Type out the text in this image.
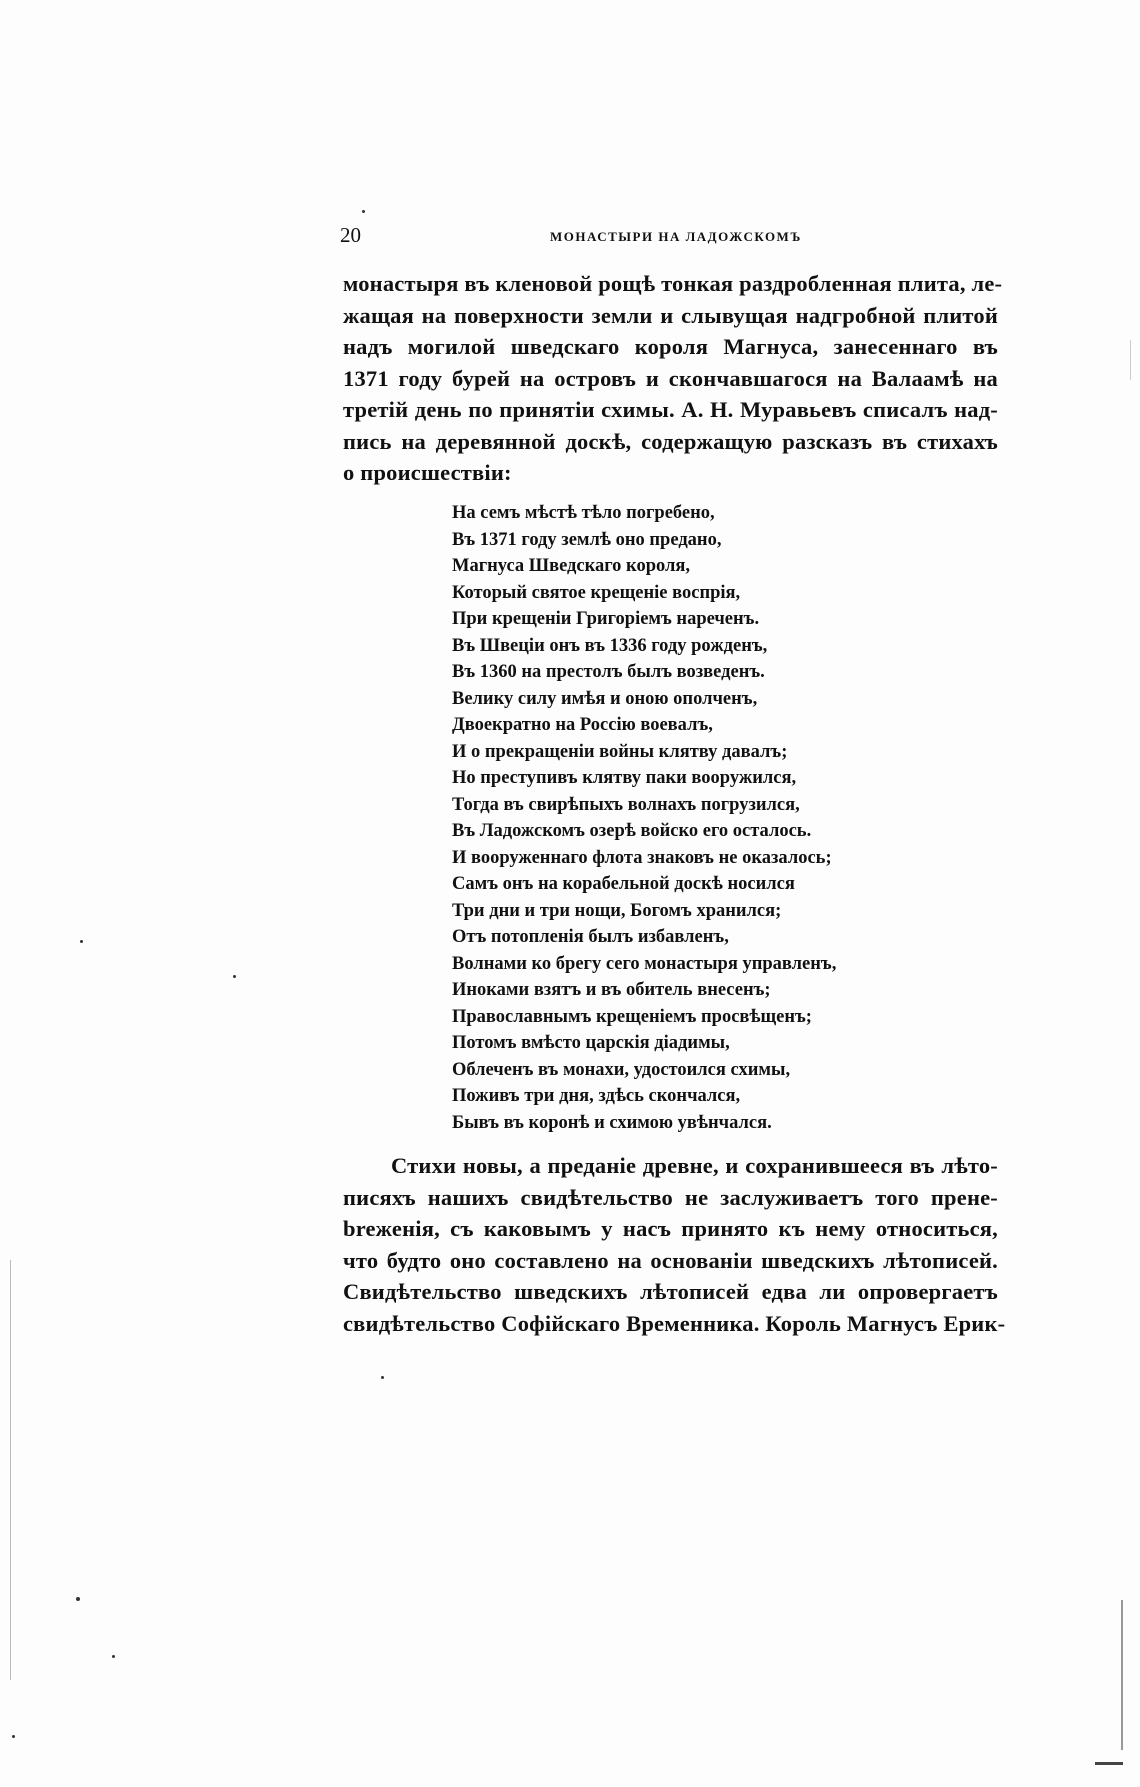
20	МОНАСТЫРИ НА ЛАДОЖСКОМЪ
монастыря въ кленовой рощѣ тонкая раздробленная плита, ле-
жащая на поверхности земли и слывущая надгробной плитой
надъ могилой шведскаго короля Магнуса, занесеннаго въ
1371 году бурей на островъ и скончавшагося на Валаамѣ на
третій день по принятіи схимы. А. Н. Муравьевъ списалъ над-
пись на деревянной доскѣ, содержащую разсказъ въ стихахъ
о происшествіи:
На семъ мѣстѣ тѣло погребено,
Въ 1371 году землѣ оно предано,
Магнуса Шведскаго короля,
Который святое крещеніе воспрія,
При крещеніи Григоріемъ нареченъ.
Въ Швеціи онъ въ 1336 году рожденъ,
Въ 1360 на престолъ былъ возведенъ.
Велику силу имѣя и оною ополченъ,
Двоекратно на Россію воевалъ,
И о прекращеніи войны клятву давалъ;
Но преступивъ клятву паки вооружился,
Тогда въ свирѣпыхъ волнахъ погрузился,
Въ Ладожскомъ озерѣ войско его осталось.
И вооруженнаго флота знаковъ не оказалось;
Самъ онъ на корабельной доскѣ носился
Три дни и три нощи, Богомъ хранился;
Отъ потопленія былъ избавленъ,
Волнами ко брегу сего монастыря управленъ,
Иноками взятъ и въ обитель внесенъ;
Православнымъ крещеніемъ просвѣщенъ;
Потомъ вмѣсто царскія діадимы,
Облеченъ въ монахи, удостоился схимы,
Поживъ три дня, здѣсь скончался,
Бывъ въ коронѣ и схимою увѣнчался.
Стихи новы, а преданіе древне, и сохранившееся въ лѣто-
писяхъ нашихъ свидѣтельство не заслуживаетъ того прене-
breженія, съ каковымъ у насъ принято къ нему относиться,
что будто оно составлено на основаніи шведскихъ лѣтописей.
Свидѣтельство шведскихъ лѣтописей едва ли опровергаетъ
свидѣтельство Софійскаго Временника. Король Магнусъ Ерик-
